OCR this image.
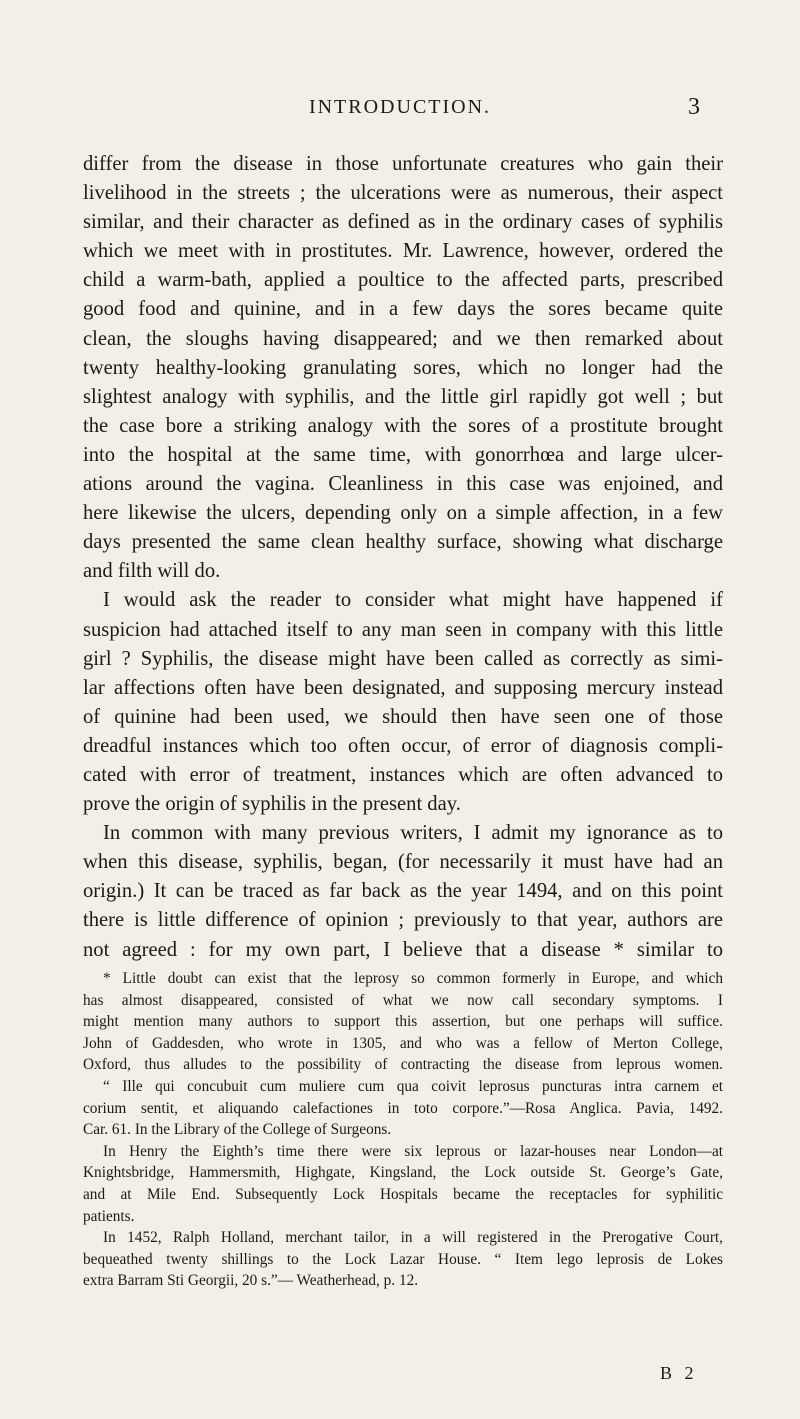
INTRODUCTION.	3
differ from the disease in those unfortunate creatures who gain their
livelihood in the streets ; the ulcerations were as numerous, their aspect
similar, and their character as defined as in the ordinary cases of syphilis
which we meet with in prostitutes. Mr. Lawrence, however, ordered the
child a warm-bath, applied a poultice to the affected parts, prescribed
good food and quinine, and in a few days the sores became quite
clean, the sloughs having disappeared; and we then remarked about
twenty healthy-looking granulating sores, which no longer had the
slightest analogy with syphilis, and the little girl rapidly got well ; but
the case bore a striking analogy with the sores of a prostitute brought
into the hospital at the same time, with gonorrhœa and large ulcer-
ations around the vagina. Cleanliness in this case was enjoined, and
here likewise the ulcers, depending only on a simple affection, in a few
days presented the same clean healthy surface, showing what discharge
and filth will do.
I would ask the reader to consider what might have happened if
suspicion had attached itself to any man seen in company with this little
girl ? Syphilis, the disease might have been called as correctly as simi-
lar affections often have been designated, and supposing mercury instead
of quinine had been used, we should then have seen one of those
dreadful instances which too often occur, of error of diagnosis compli-
cated with error of treatment, instances which are often advanced to
prove the origin of syphilis in the present day.
In common with many previous writers, I admit my ignorance as to
when this disease, syphilis, began, (for necessarily it must have had an
origin.) It can be traced as far back as the year 1494, and on this point
there is little difference of opinion ; previously to that year, authors are
not agreed : for my own part, I believe that a disease * similar to
* Little doubt can exist that the leprosy so common formerly in Europe, and which
has almost disappeared, consisted of what we now call secondary symptoms. I
might mention many authors to support this assertion, but one perhaps will suffice.
John of Gaddesden, who wrote in 1305, and who was a fellow of Merton College,
Oxford, thus alludes to the possibility of contracting the disease from leprous women.
“ Ille qui concubuit cum muliere cum qua coivit leprosus puncturas intra carnem et
corium sentit, et aliquando calefactiones in toto corpore.”—Rosa Anglica. Pavia, 1492.
Car. 61. In the Library of the College of Surgeons.
In Henry the Eighth’s time there were six leprous or lazar-houses near London—at
Knightsbridge, Hammersmith, Highgate, Kingsland, the Lock outside St. George’s Gate,
and at Mile End. Subsequently Lock Hospitals became the receptacles for syphilitic
patients.
In 1452, Ralph Holland, merchant tailor, in a will registered in the Prerogative Court,
bequeathed twenty shillings to the Lock Lazar House. “ Item lego leprosis de Lokes
extra Barram Sti Georgii, 20 s.”— Weatherhead, p. 12.
B 2
